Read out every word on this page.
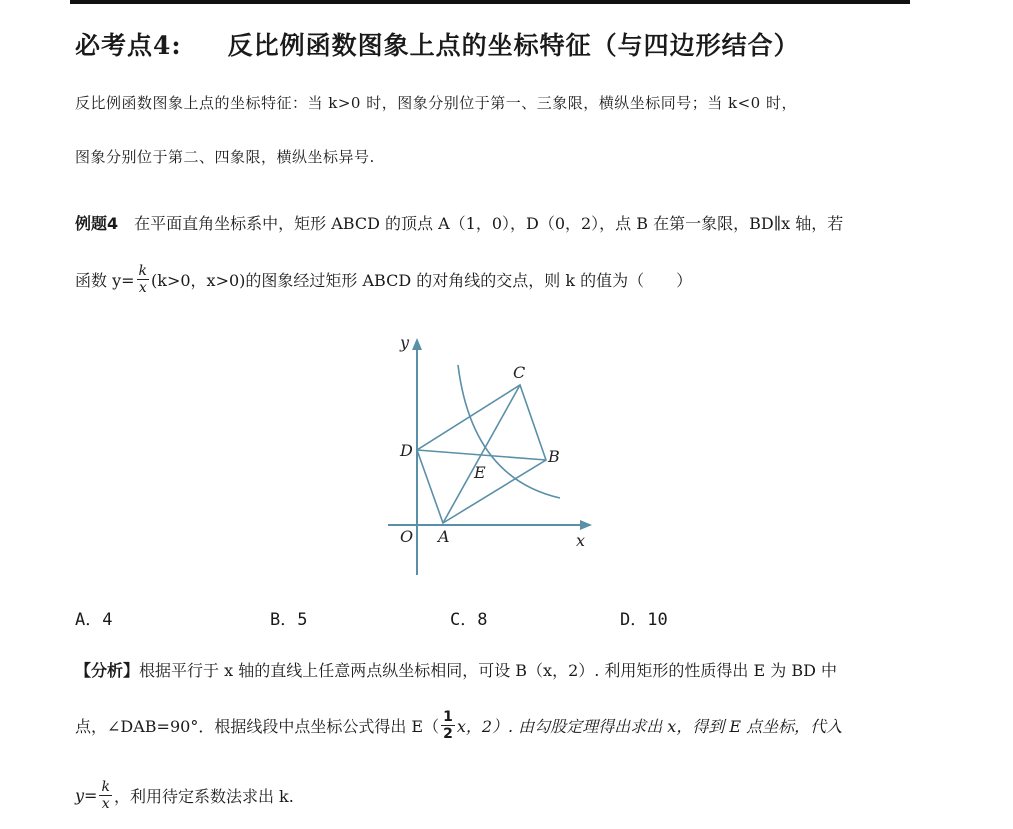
必考点4: 反比例函数图象上点的坐标特征（与四边形结合）
反比例函数图象上点的坐标特征：当 k>0 时，图象分别位于第一、三象限，横纵坐标同号；当 k<0 时，
图象分别位于第二、四象限，横纵坐标异号.
例题4 在平面直角坐标系中，矩形 ABCD 的顶点 A（1，0），D（0，2），点 B 在第一象限，BD∥x 轴，若
函数 $y= \frac{k}{x} (k>0$，x>0)的图象经过矩形 ABCD 的对角线的交点，则 k 的值为（　　）
y
x
O A
B
C
D
E
A．4	B．5	C．8	D．10
【分析】根据平行于 x 轴的直线上任意两点纵坐标相同，可设 B（x，2）. 利用矩形的性质得出 E 为 BD 中
点，∠DAB=90°．根据线段中点坐标公式得出 $E( \frac{1}{2}$ x，2）. 由勾股定理得出求出 x，得到 E 点坐标，代入
$y= \frac{k}{x}$ ，利用待定系数法求出 k.
